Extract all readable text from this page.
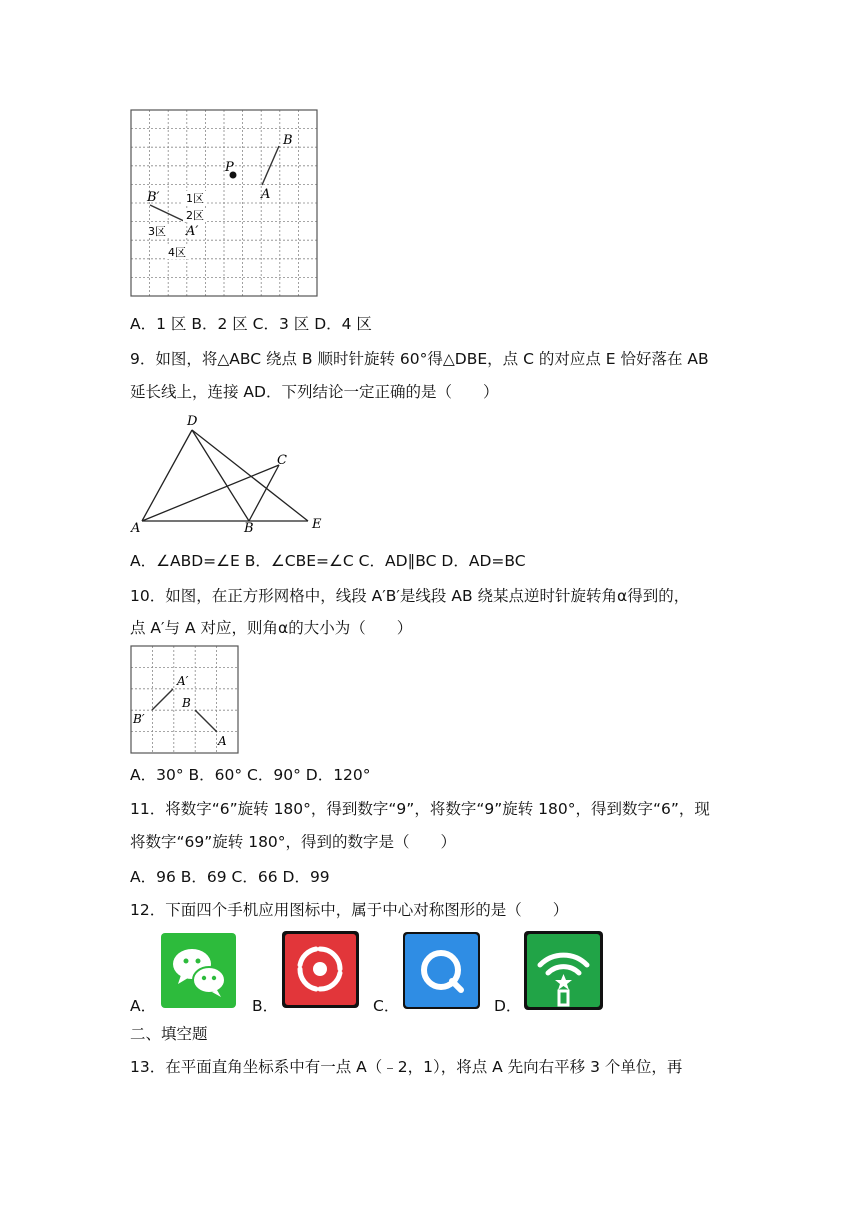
B
P
A
B′
A′
1区
2区
3区
4区
A．1 区 B．2 区 C．3 区 D．4 区
9．如图，将△ABC 绕点 B 顺时针旋转 60°得△DBE，点 C 的对应点 E 恰好落在 AB
延长线上，连接 AD．下列结论一定正确的是（　　）
D
C
A	B	E
A．∠ABD=∠E B．∠CBE=∠C C．AD∥BC D．AD=BC
10．如图，在正方形网格中，线段 A′B′是线段 AB 绕某点逆时针旋转角α得到的，
点 A′与 A 对应，则角α的大小为（　　）
A′
B′
B
A
A．30° B．60° C．90° D．120°
11．将数字“6”旋转 180°，得到数字“9”，将数字“9”旋转 180°，得到数字“6”，现
将数字“69”旋转 180°，得到的数字是（　　）
A．96 B．69 C．66 D．99
12．下面四个手机应用图标中，属于中心对称图形的是（　　）
A．	B．	C．	D．
二、填空题
13．在平面直角坐标系中有一点 A（﹣2，1），将点 A 先向右平移 3 个单位，再
